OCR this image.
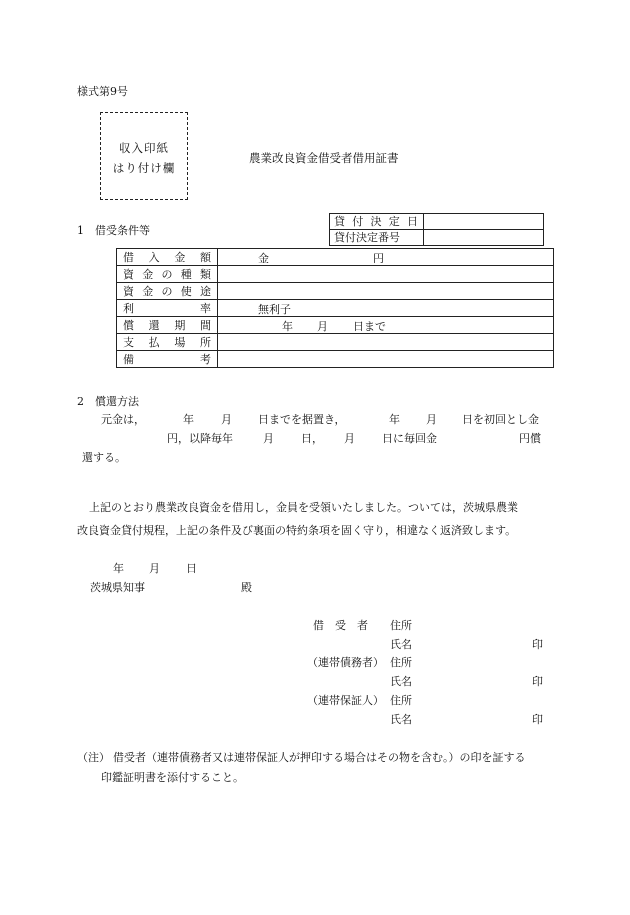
様式第9号
収入印紙
はり付け欄
農業改良資金借受者借用証書
貸 付 決 定 日	

貸付決定番号	
1　借受条件等
借 入 金 額	金 円

資 金 の 種 類	

資 金 の 使 途	

利 率	無利子

償 還 期 間	年 月 日まで

支 払 場 所	

備 考	

2　償還方法
元金は，	年 月 日までを据置き，	年 月 日を初回とし金
円，以降毎年	月 日， 月 日に毎回金	円償
還する。
上記のとおり農業改良資金を借用し，金員を受領いたしました。ついては，茨城県農業
改良資金貸付規程，上記の条件及び裏面の特約条項を固く守り，相違なく返済致します。
年 月 日
茨城県知事	殿
借　受　者 住所
氏名	印
（連帯債務者） 住所
氏名	印
（連帯保証人） 住所
氏名	印
（注） 借受者（連帯債務者又は連帯保証人が押印する場合はその物を含む。）の印を証する
印鑑証明書を添付すること。
